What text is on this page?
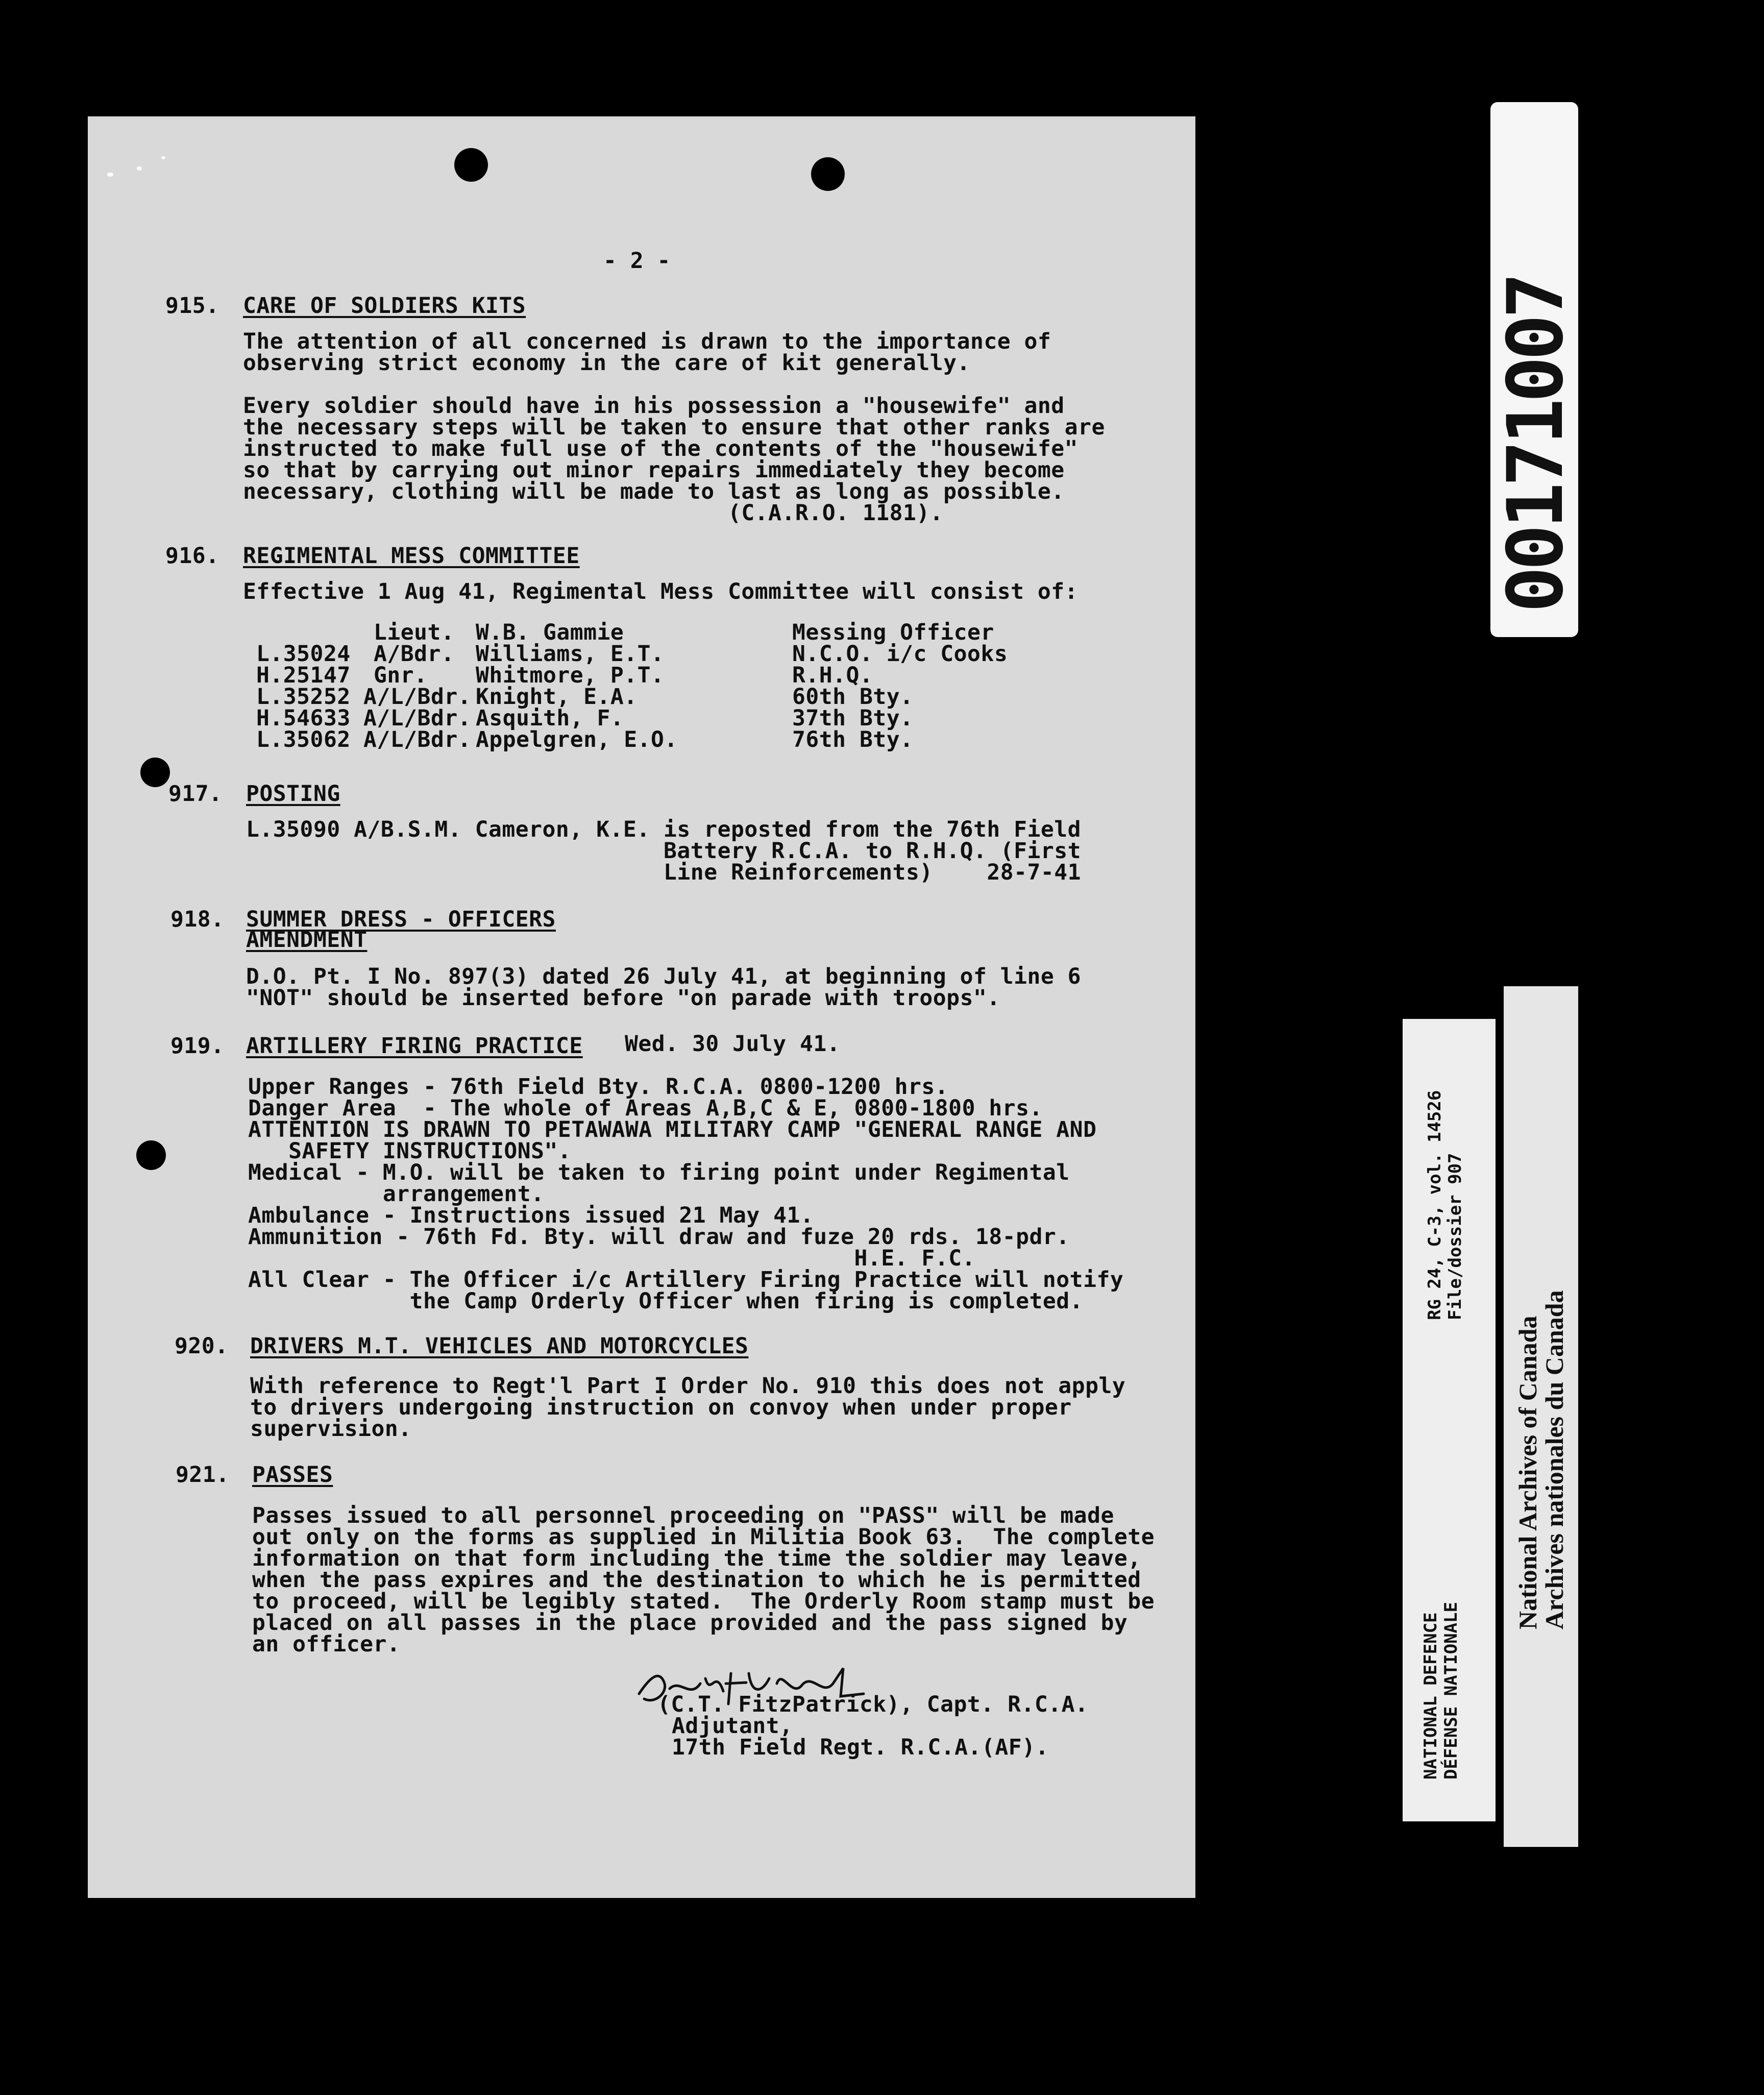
- 2 -
915. CARE OF SOLDIERS KITS
The attention of all concerned is drawn to the importance of
observing strict economy in the care of kit generally.
Every soldier should have in his possession a "housewife" and
the necessary steps will be taken to ensure that other ranks are
instructed to make full use of the contents of the "housewife"
so that by carrying out minor repairs immediately they become
necessary, clothing will be made to last as long as possible.
(C.A.R.O. 1181).
916. REGIMENTAL MESS COMMITTEE
Effective 1 Aug 41, Regimental Mess Committee will consist of:
Lieut. W.B. Gammie	Messing Officer
L.35024 A/Bdr. Williams, E.T.	N.C.O. i/c Cooks
H.25147 Gnr. Whitmore, P.T.	R.H.Q.
L.35252 A/L/Bdr. Knight, E.A.	60th Bty.
H.54633 A/L/Bdr. Asquith, F.	37th Bty.
L.35062 A/L/Bdr. Appelgren, E.O.	76th Bty.
917. POSTING
L.35090 A/B.S.M. Cameron, K.E. is reposted from the 76th Field
Battery R.C.A. to R.H.Q. (First
Line Reinforcements)    28-7-41
918. SUMMER DRESS - OFFICERS
AMENDMENT
D.O. Pt. I No. 897(3) dated 26 July 41, at beginning of line 6
"NOT" should be inserted before "on parade with troops".
919. ARTILLERY FIRING PRACTICE Wed. 30 July 41.
Upper Ranges - 76th Field Bty. R.C.A. 0800-1200 hrs.
Danger Area  - The whole of Areas A,B,C & E, 0800-1800 hrs.
ATTENTION IS DRAWN TO PETAWAWA MILITARY CAMP "GENERAL RANGE AND
SAFETY INSTRUCTIONS".
Medical - M.O. will be taken to firing point under Regimental
arrangement.
Ambulance - Instructions issued 21 May 41.
Ammunition - 76th Fd. Bty. will draw and fuze 20 rds. 18-pdr.
H.E. F.C.
All Clear - The Officer i/c Artillery Firing Practice will notify
the Camp Orderly Officer when firing is completed.
920. DRIVERS M.T. VEHICLES AND MOTORCYCLES
With reference to Regt'l Part I Order No. 910 this does not apply
to drivers undergoing instruction on convoy when under proper
supervision.
921. PASSES
Passes issued to all personnel proceeding on "PASS" will be made
out only on the forms as supplied in Militia Book 63.  The complete
information on that form including the time the soldier may leave,
when the pass expires and the destination to which he is permitted
to proceed, will be legibly stated.  The Orderly Room stamp must be
placed on all passes in the place provided and the pass signed by
an officer.
(C.T. FitzPatrick), Capt. R.C.A.
Adjutant,
17th Field Regt. R.C.A.(AF).
00171007
RG 24, C-3, vol. 14526 File/dossier 907
NATIONAL DEFENCE DÉFENSE NATIONALE
National Archives of Canada
Archives nationales du Canada
